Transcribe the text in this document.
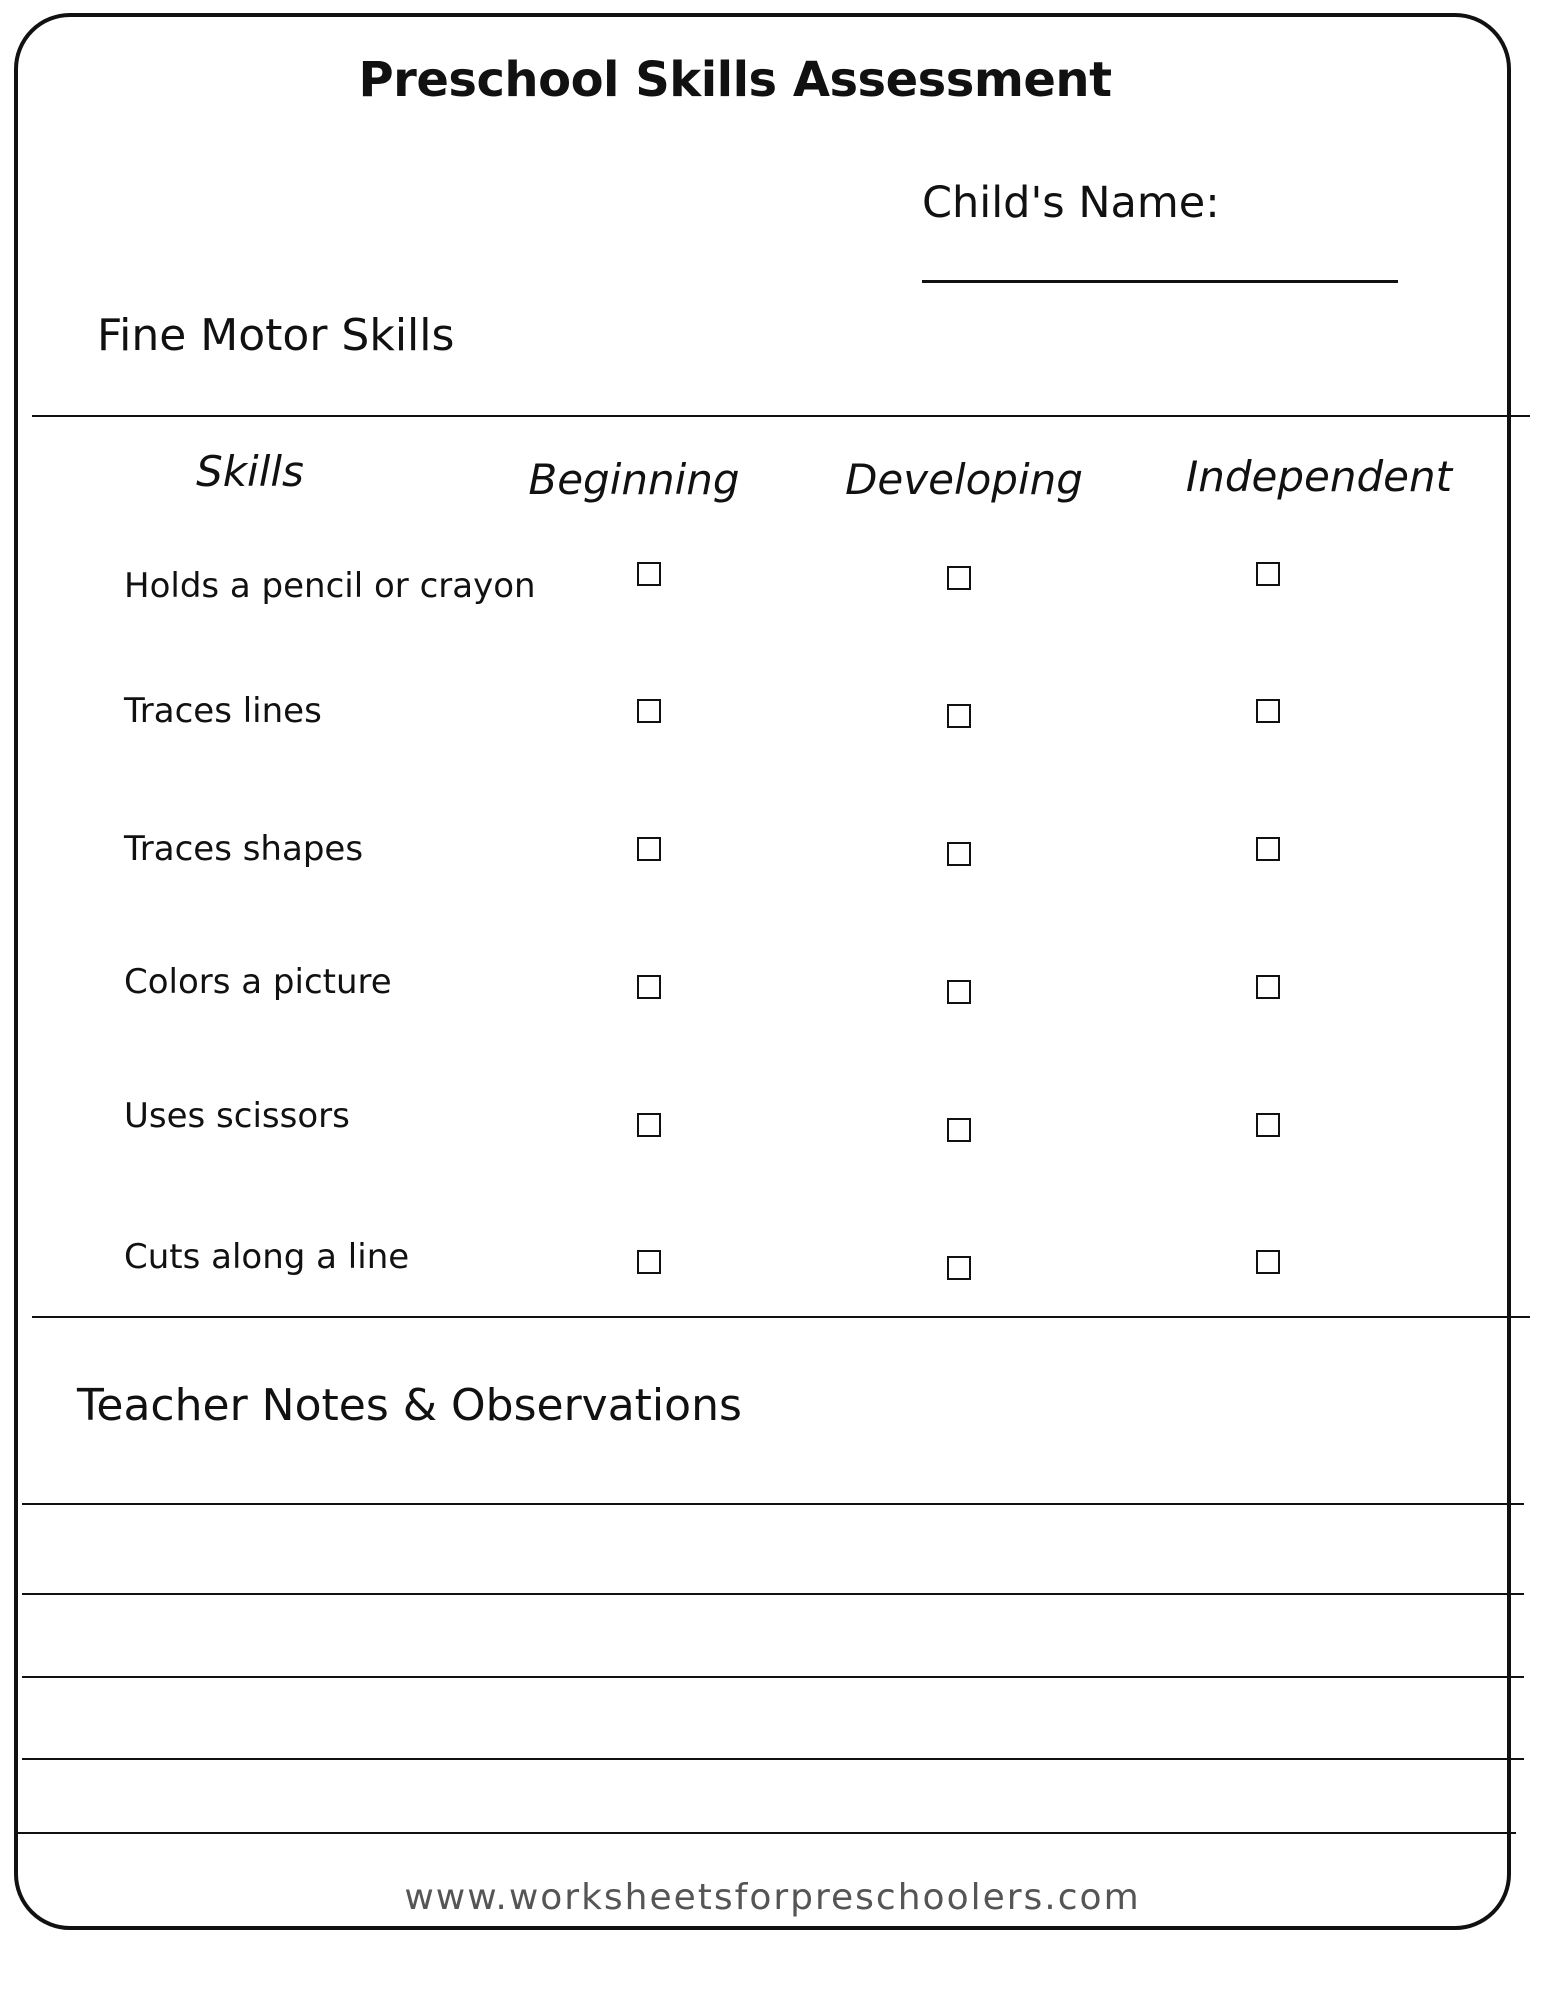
Preschool Skills Assessment
Child's Name:
Fine Motor Skills
Skills	Beginning	Developing Independent
Holds a pencil or crayon
Traces lines
Traces shapes
Colors a picture
Uses scissors
Cuts along a line
Teacher Notes & Observations
www.worksheetsforpreschoolers.com
